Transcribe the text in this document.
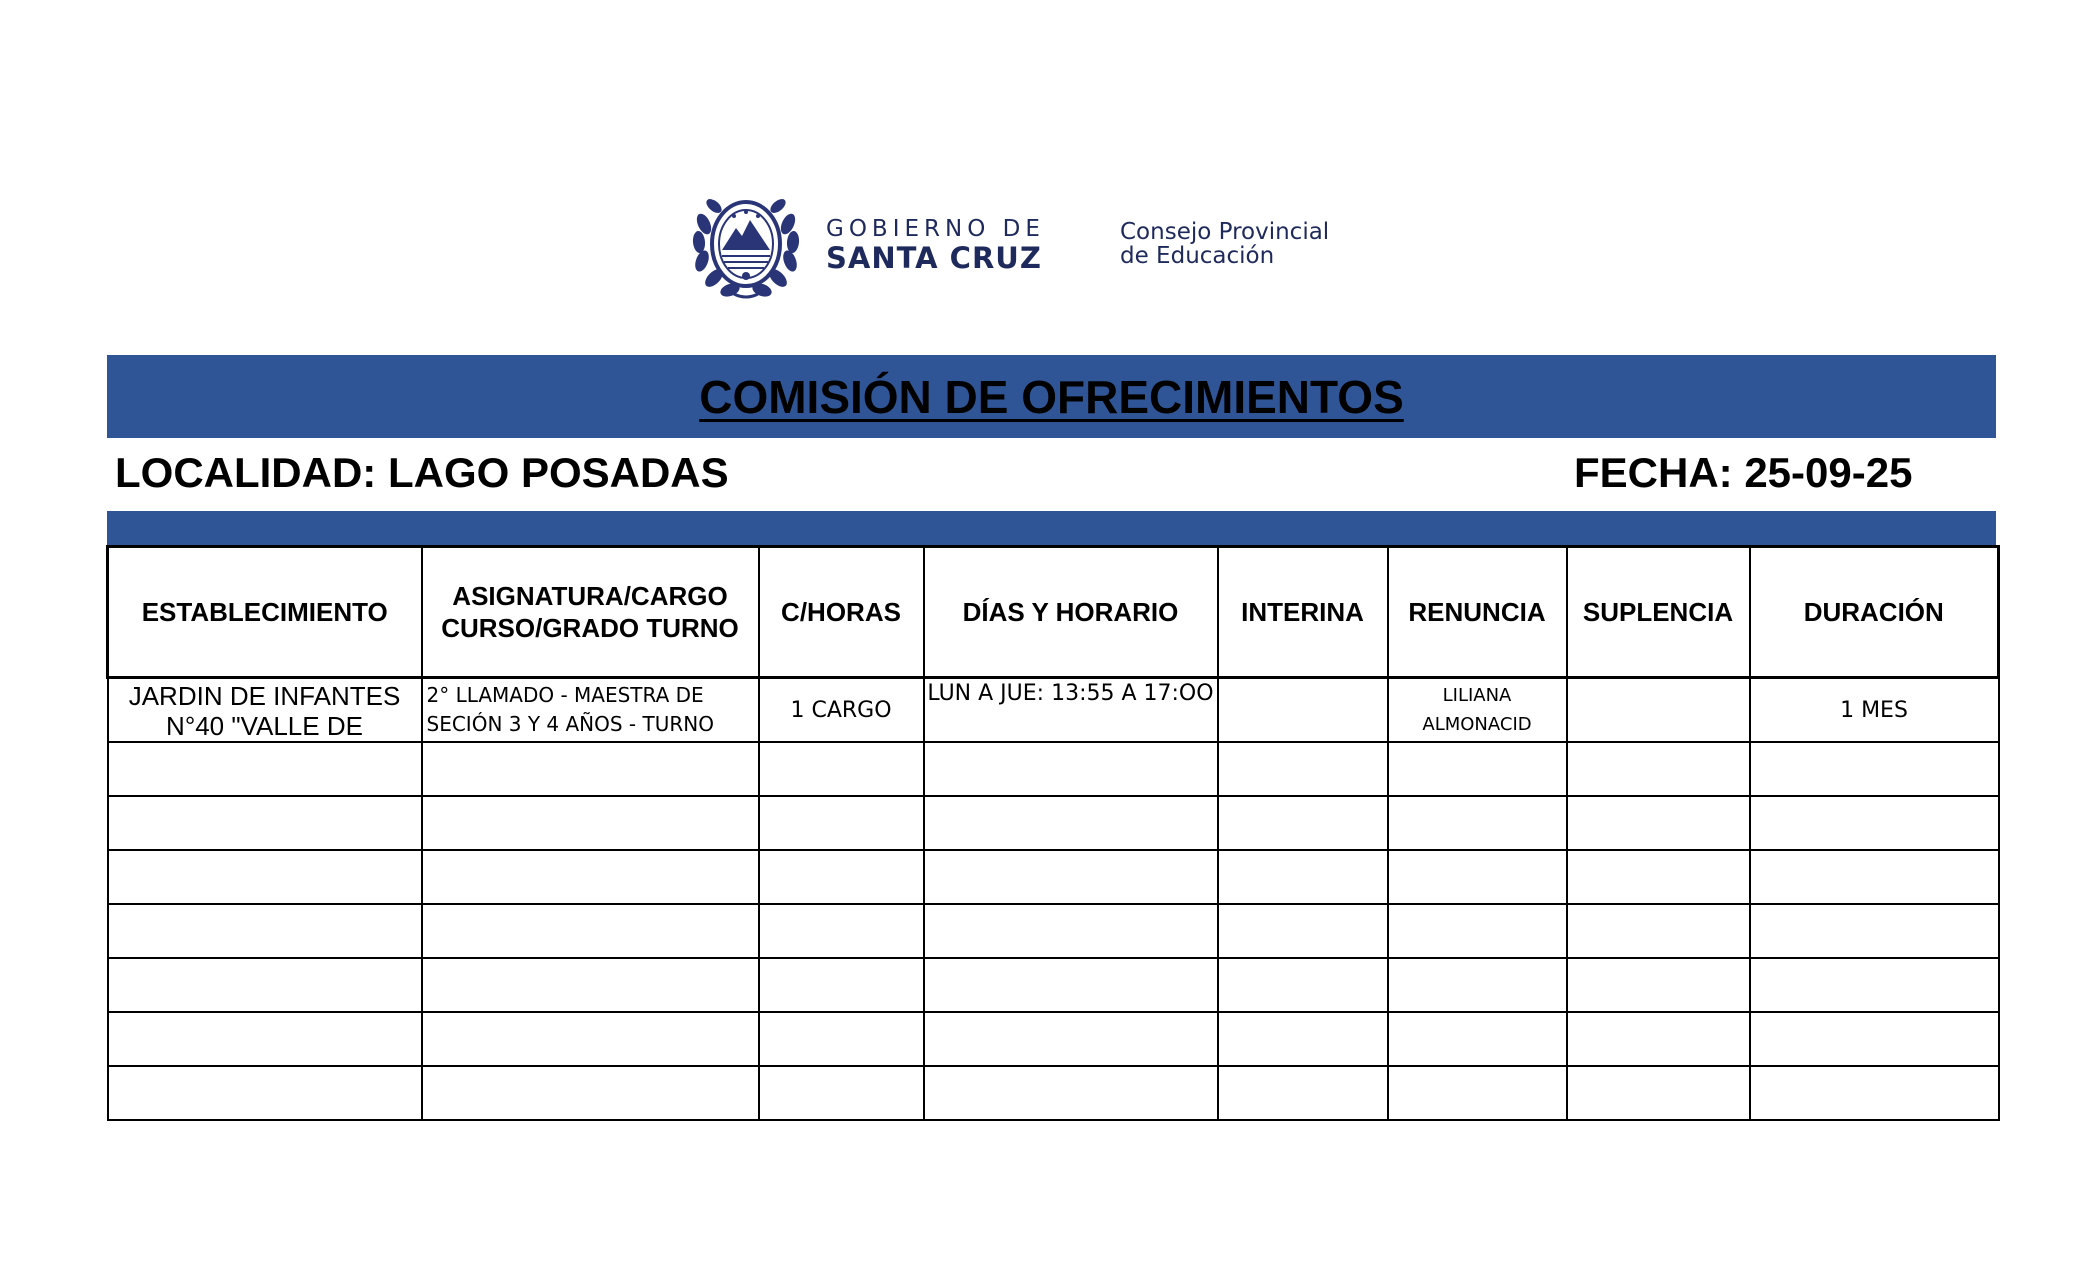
GOBIERNO DE
SANTA CRUZ
Consejo Provincial
de Educación
COMISIÓN DE OFRECIMIENTOS
LOCALIDAD: LAGO POSADAS	FECHA: 25-09-25
ESTABLECIMIENTO	ASIGNATURA/CARGO CURSO/GRADO TURNO	C/HORAS	DÍAS Y HORARIO	INTERINA	RENUNCIA	SUPLENCIA	DURACIÓN

JARDIN DE INFANTES N°40 "VALLE DE	2° LLAMADO - MAESTRA DE SECIÓN 3 Y 4 AÑOS - TURNO	1 CARGO	LUN A JUE: 13:55 A 17:OO		LILIANA ALMONACID		1 MES
